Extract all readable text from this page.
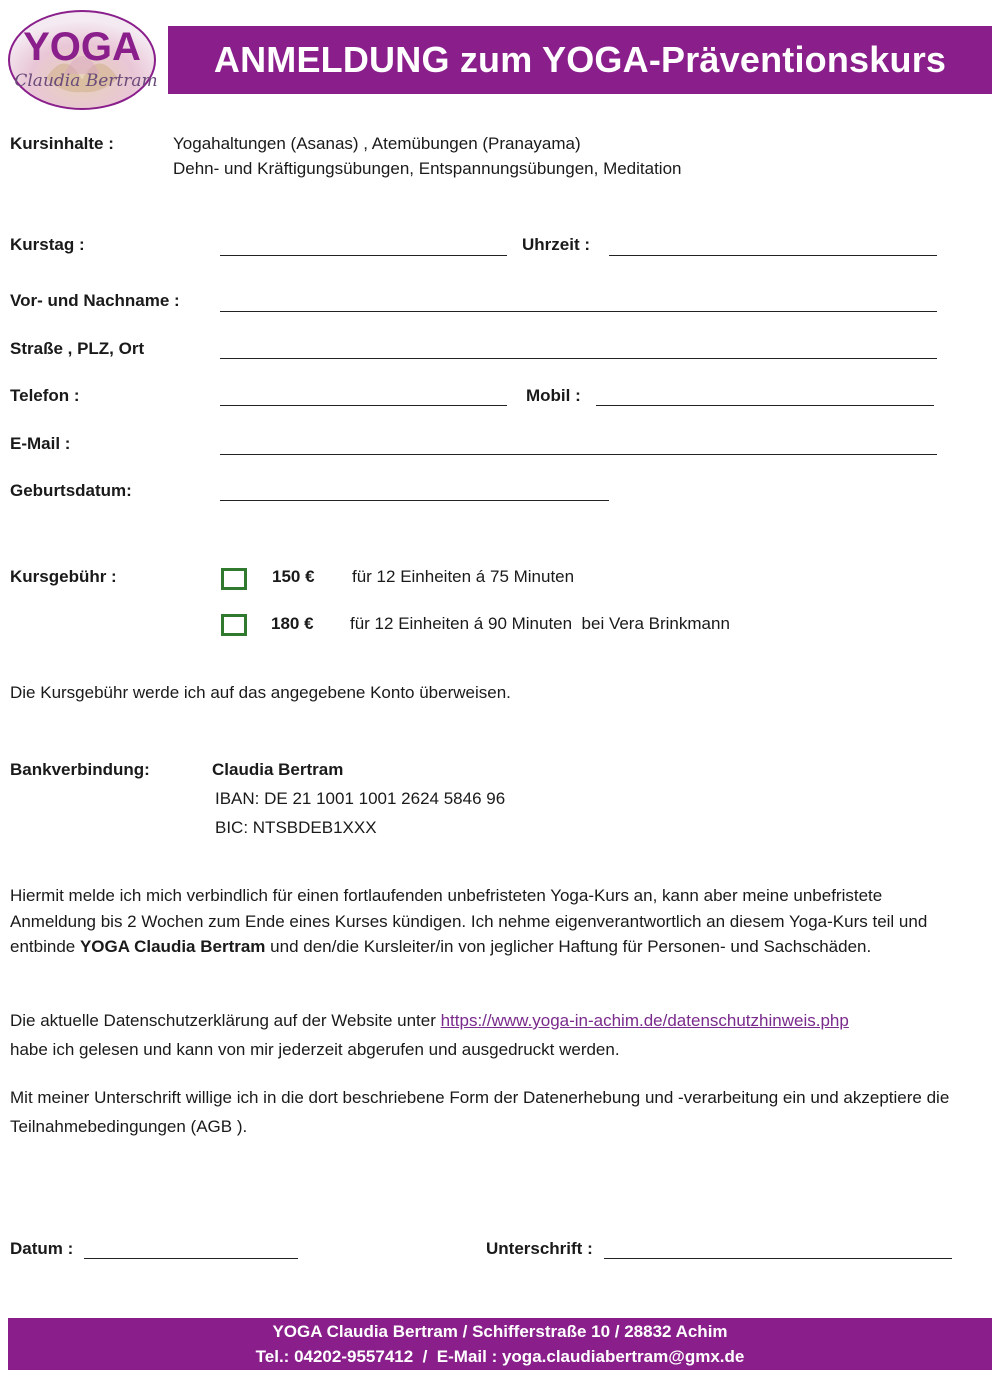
YOGA
Claudia Bertram
ANMELDUNG zum YOGA-Präventionskurs
Kursinhalte :	Yogahaltungen (Asanas) , Atemübungen (Pranayama)
Dehn- und Kräftigungsübungen, Entspannungsübungen, Meditation
Kurstag :	Uhrzeit :
Vor- und Nachname :
Straße , PLZ, Ort
Telefon :	Mobil :
E-Mail :
Geburtsdatum:
Kursgebühr :	150 € für 12 Einheiten á 75 Minuten
180 € für 12 Einheiten á 90 Minuten  bei Vera Brinkmann
Die Kursgebühr werde ich auf das angegebene Konto überweisen.
Bankverbindung:	Claudia Bertram
IBAN: DE 21 1001 1001 2624 5846 96
BIC: NTSBDEB1XXX
Hiermit melde ich mich verbindlich für einen fortlaufenden unbefristeten Yoga-Kurs an, kann aber meine unbefristete Anmeldung bis 2 Wochen zum Ende eines Kurses kündigen. Ich nehme eigenverantwortlich an diesem Yoga-Kurs teil und entbinde YOGA Claudia Bertram und den/die Kursleiter/in von jeglicher Haftung für Personen- und Sachschäden.
Die aktuelle Datenschutzerklärung auf der Website unter https://www.yoga-in-achim.de/datenschutzhinweis.php
habe ich gelesen und kann von mir jederzeit abgerufen und ausgedruckt werden.
Mit meiner Unterschrift willige ich in die dort beschriebene Form der Datenerhebung und -verarbeitung ein und akzeptiere die Teilnahmebedingungen (AGB ).
Datum :	Unterschrift :
YOGA Claudia Bertram / Schifferstraße 10 / 28832 Achim
Tel.: 04202-9557412  /  E-Mail : yoga.claudiabertram@gmx.de
